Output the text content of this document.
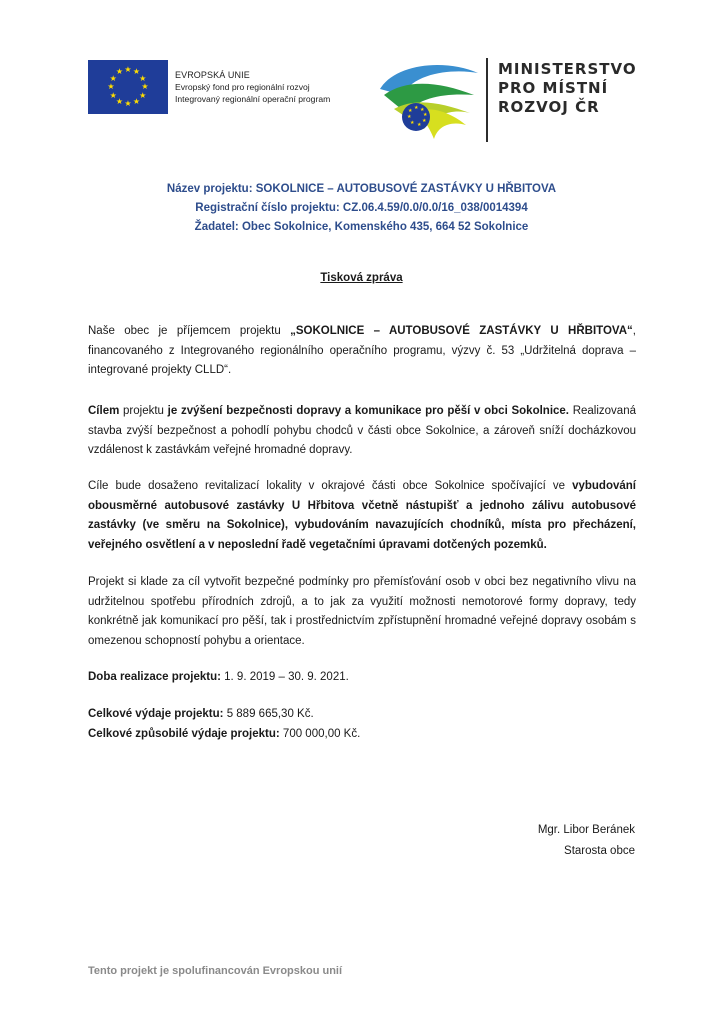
★ ★
★
★
★
★
★
★
★
★
★
★	EVROPSKÁ UNIE
Evropský fond pro regionální rozvoj
Integrovaný regionální operační program
★ ★
★
★
★
★
★
★
MINISTERSTVO
PRO MÍSTNÍ
ROZVOJ ČR
Název projektu: SOKOLNICE – AUTOBUSOVÉ ZASTÁVKY U HŘBITOVA
Registrační číslo projektu: CZ.06.4.59/0.0/0.0/16_038/0014394
Žadatel: Obec Sokolnice, Komenského 435, 664 52 Sokolnice
Tisková zpráva
Naše obec je příjemcem projektu „SOKOLNICE – AUTOBUSOVÉ ZASTÁVKY U HŘBITOVA“, financovaného z Integrovaného regionálního operačního programu, výzvy č. 53 „Udržitelná doprava – integrované projekty CLLD“.
Cílem projektu je zvýšení bezpečnosti dopravy a komunikace pro pěší v obci Sokolnice. Realizovaná stavba zvýší bezpečnost a pohodlí pohybu chodců v části obce Sokolnice, a zároveň sníží docházkovou vzdálenost k zastávkám veřejné hromadné dopravy.
Cíle bude dosaženo revitalizací lokality v okrajové části obce Sokolnice spočívající ve vybudování obousměrné autobusové zastávky U Hřbitova včetně nástupišť a jednoho zálivu autobusové zastávky (ve směru na Sokolnice), vybudováním navazujících chodníků, místa pro přecházení, veřejného osvětlení a v neposlední řadě vegetačními úpravami dotčených pozemků.
Projekt si klade za cíl vytvořit bezpečné podmínky pro přemísťování osob v obci bez negativního vlivu na udržitelnou spotřebu přírodních zdrojů, a to jak za využití možnosti nemotorové formy dopravy, tedy konkrétně jak komunikací pro pěší, tak i prostřednictvím zpřístupnění hromadné veřejné dopravy osobám s omezenou schopností pohybu a orientace.
Doba realizace projektu: 1. 9. 2019 – 30. 9. 2021.
Celkové výdaje projektu: 5 889 665,30 Kč.
Celkové způsobilé výdaje projektu: 700 000,00 Kč.
Mgr. Libor Beránek
Starosta obce
Tento projekt je spolufinancován Evropskou unií
